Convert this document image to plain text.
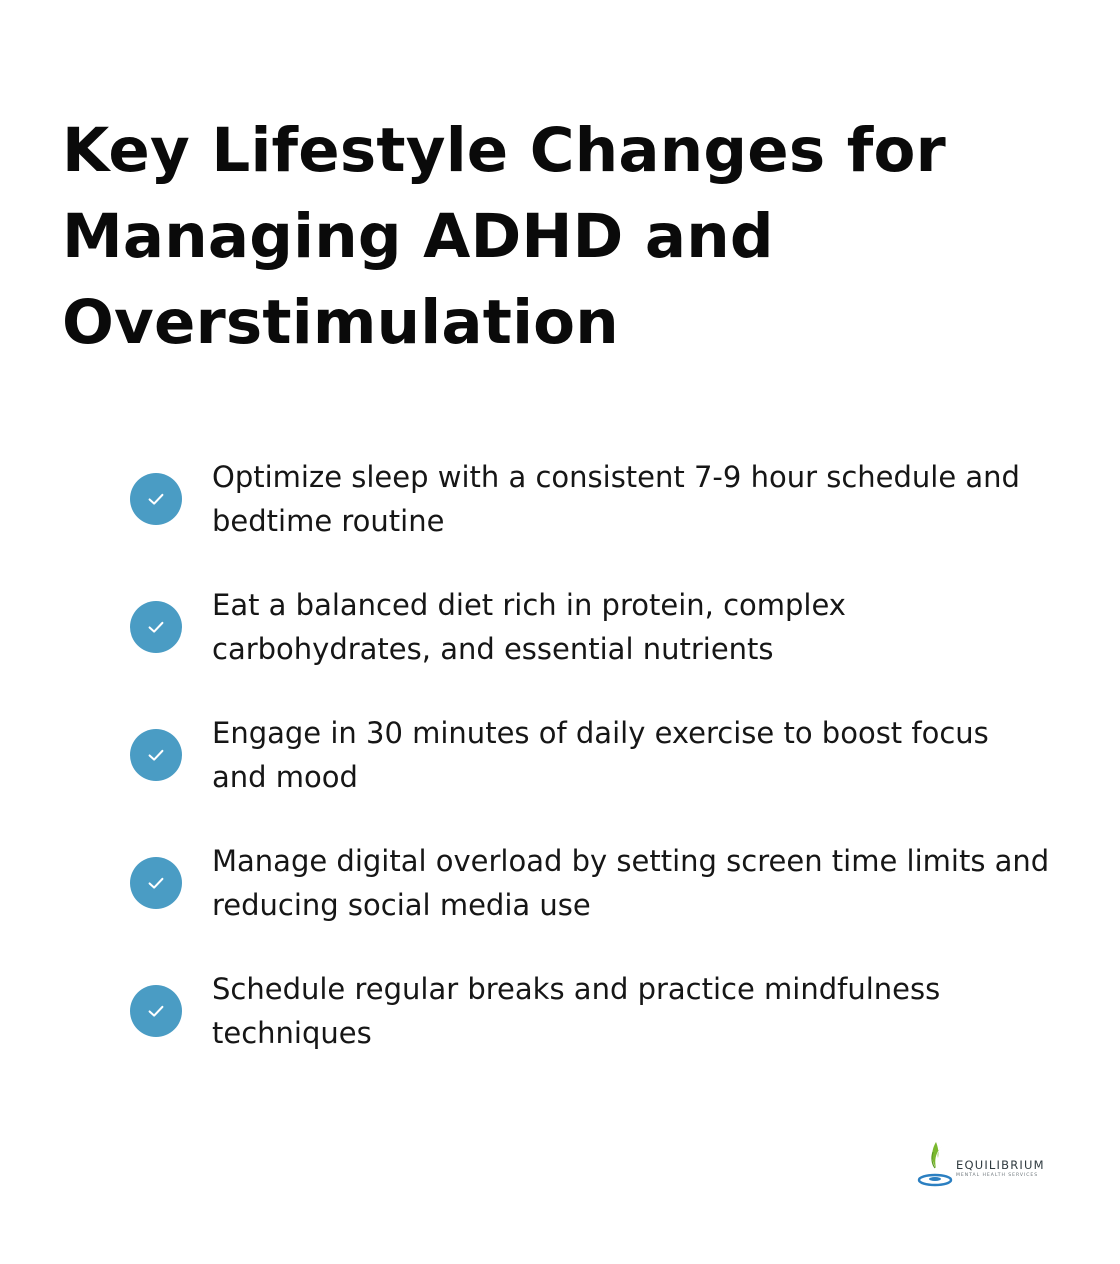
Key Lifestyle Changes for Managing ADHD and Overstimulation
Optimize sleep with a consistent 7-9 hour schedule and bedtime routine
Eat a balanced diet rich in protein, complex carbohydrates, and essential nutrients
Engage in 30 minutes of daily exercise to boost focus and mood
Manage digital overload by setting screen time limits and reducing social media use
Schedule regular breaks and practice mindfulness techniques
EQUILIBRIUM
MENTAL HEALTH SERVICES
